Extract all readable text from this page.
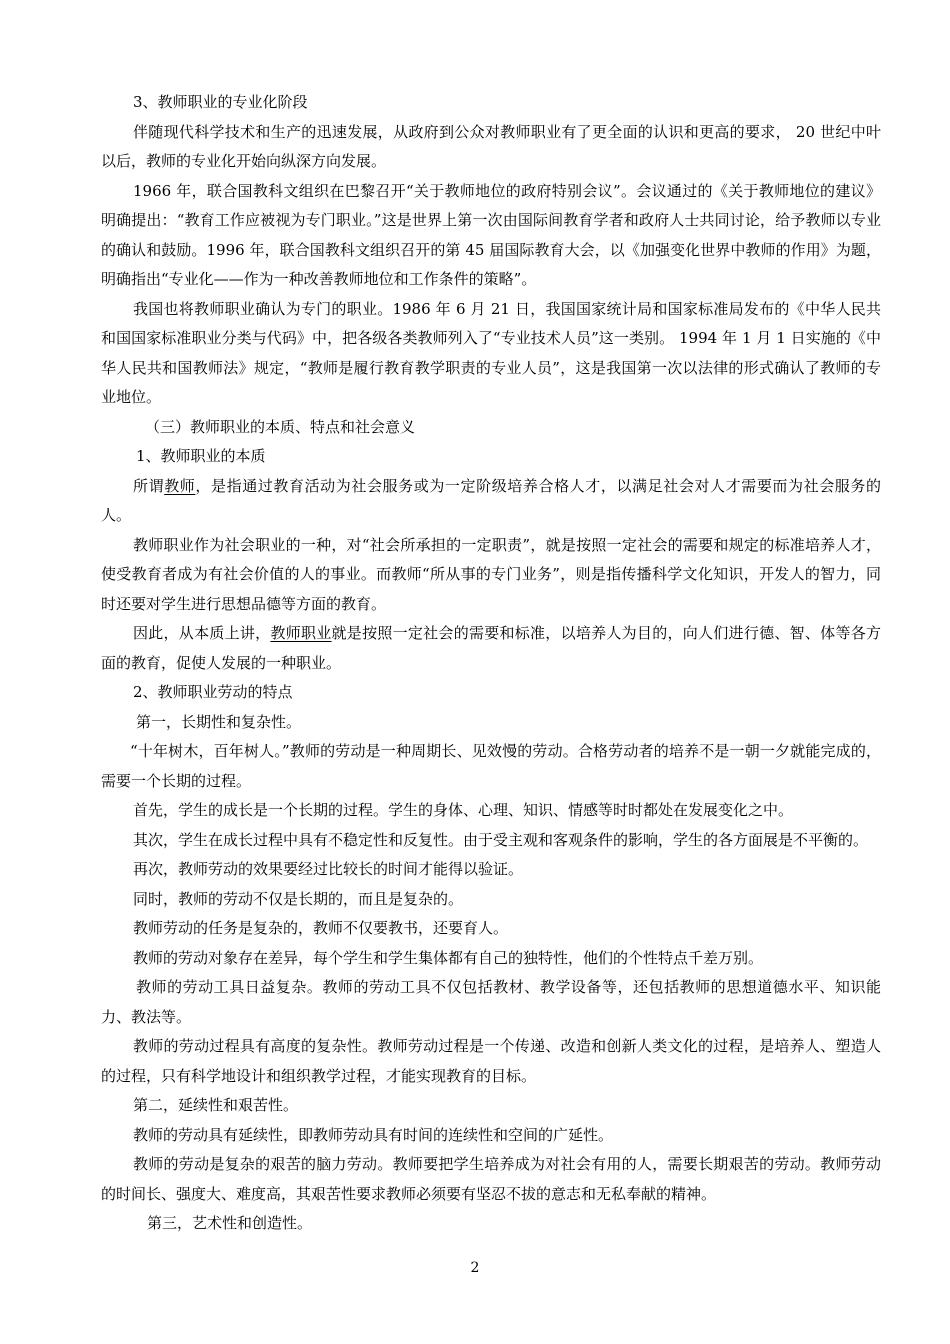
3、教师职业的专业化阶段

伴随现代科学技术和生产的迅速发展，从政府到公众对教师职业有了更全面的认识和更高的要求， 20 世纪中叶以后，教师的专业化开始向纵深方向发展。

1966 年，联合国教科文组织在巴黎召开“关于教师地位的政府特别会议”。会议通过的《关于教师地位的建议》明确提出：“教育工作应被视为专门职业。”这是世界上第一次由国际间教育学者和政府人士共同讨论，给予教师以专业的确认和鼓励。1996 年，联合国教科文组织召开的第 45 届国际教育大会，以《加强变化世界中教师的作用》为题，明确指出“专业化——作为一种改善教师地位和工作条件的策略”。

我国也将教师职业确认为专门的职业。1986 年 6 月 21 日，我国国家统计局和国家标准局发布的《中华人民共和国国家标准职业分类与代码》中，把各级各类教师列入了“专业技术人员”这一类别。 1994 年 1 月 1 日实施的《中华人民共和国教师法》规定，“教师是履行教育教学职责的专业人员”，这是我国第一次以法律的形式确认了教师的专业地位。

（三）教师职业的本质、特点和社会意义

1、教师职业的本质

所谓教师，是指通过教育活动为社会服务或为一定阶级培养合格人才，以满足社会对人才需要而为社会服务的人。

教师职业作为社会职业的一种，对“社会所承担的一定职责”，就是按照一定社会的需要和规定的标准培养人才，使受教育者成为有社会价值的人的事业。而教师“所从事的专门业务”，则是指传播科学文化知识，开发人的智力，同时还要对学生进行思想品德等方面的教育。

因此，从本质上讲，教师职业就是按照一定社会的需要和标准，以培养人为目的，向人们进行德、智、体等各方面的教育，促使人发展的一种职业。

2、教师职业劳动的特点

第一，长期性和复杂性。

“十年树木，百年树人。”教师的劳动是一种周期长、见效慢的劳动。合格劳动者的培养不是一朝一夕就能完成的，需要一个长期的过程。

首先，学生的成长是一个长期的过程。学生的身体、心理、知识、情感等时时都处在发展变化之中。

其次，学生在成长过程中具有不稳定性和反复性。由于受主观和客观条件的影响，学生的各方面展是不平衡的。

再次，教师劳动的效果要经过比较长的时间才能得以验证。

同时，教师的劳动不仅是长期的，而且是复杂的。

教师劳动的任务是复杂的，教师不仅要教书，还要育人。

教师的劳动对象存在差异，每个学生和学生集体都有自己的独特性，他们的个性特点千差万别。

教师的劳动工具日益复杂。教师的劳动工具不仅包括教材、教学设备等，还包括教师的思想道德水平、知识能力、教法等。

教师的劳动过程具有高度的复杂性。教师劳动过程是一个传递、改造和创新人类文化的过程，是培养人、塑造人的过程，只有科学地设计和组织教学过程，才能实现教育的目标。

第二，延续性和艰苦性。

教师的劳动具有延续性，即教师劳动具有时间的连续性和空间的广延性。

教师的劳动是复杂的艰苦的脑力劳动。教师要把学生培养成为对社会有用的人，需要长期艰苦的劳动。教师劳动的时间长、强度大、难度高，其艰苦性要求教师必须要有坚忍不拔的意志和无私奉献的精神。

第三，艺术性和创造性。

2
